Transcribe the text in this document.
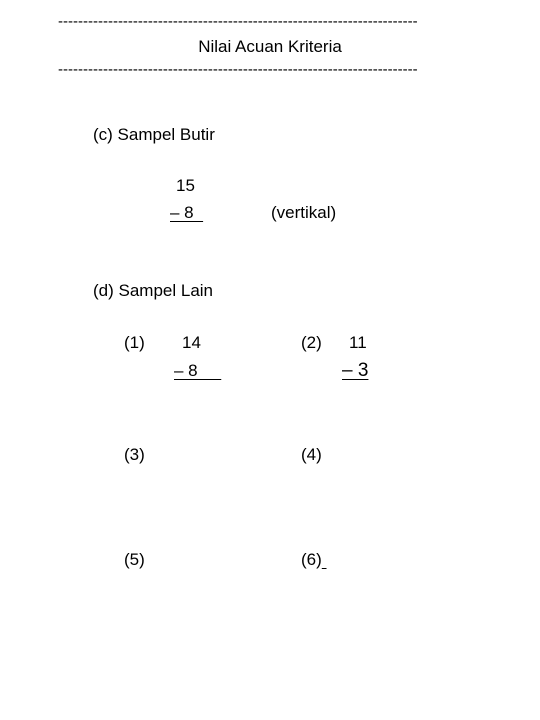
------------------------------------------------------------------------
Nilai Acuan Kriteria
------------------------------------------------------------------------
(c) Sampel Butir
15
– 8	(vertikal)
(d) Sampel Lain
(1) 14
– 8
(2) 11
– 3
(3)	(4)
(5)	(6)
